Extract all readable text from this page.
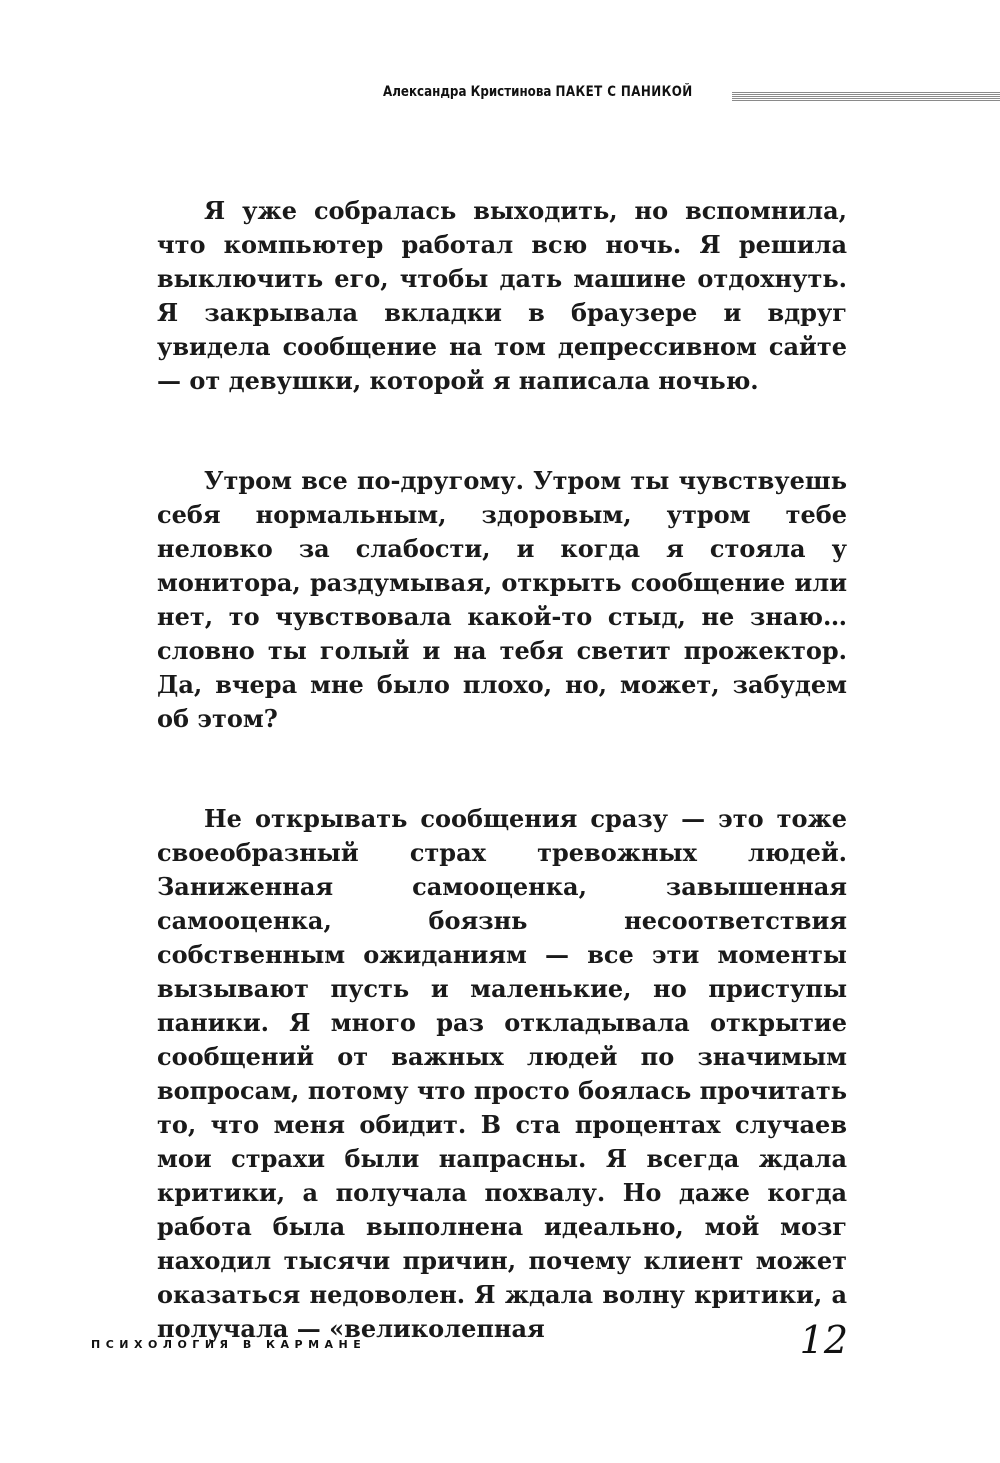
Александра Кристинова ПАКЕТ С ПАНИКОЙ

Я уже собралась выходить, но вспомнила, что компьютер работал всю ночь. Я решила выключить его, чтобы дать машине отдохнуть. Я закрывала вкладки в браузере и вдруг увидела сообщение на том депрессивном сайте — от девушки, которой я написала ночью.

Утром все по-другому. Утром ты чувствуешь себя нормальным, здоровым, утром тебе неловко за слабости, и когда я стояла у монитора, раздумывая, открыть сообщение или нет, то чувствовала какой-то стыд, не знаю… словно ты голый и на тебя светит прожектор. Да, вчера мне было плохо, но, может, забудем об этом?

Не открывать сообщения сразу — это тоже своеобразный страх тревожных людей. Заниженная самооценка, завышенная самооценка, боязнь несоответствия собственным ожиданиям — все эти моменты вызывают пусть и маленькие, но приступы паники. Я много раз откладывала открытие сообщений от важных людей по значимым вопросам, потому что просто боялась прочитать то, что меня обидит. В ста процентах случаев мои страхи были напрасны. Я всегда ждала критики, а получала похвалу. Но даже когда работа была выполнена идеально, мой мозг находил тысячи причин, почему клиент может оказаться недоволен. Я ждала волну критики, а получала — «великолепная

ПСИХОЛОГИЯ В КАРМАНЕ	12
